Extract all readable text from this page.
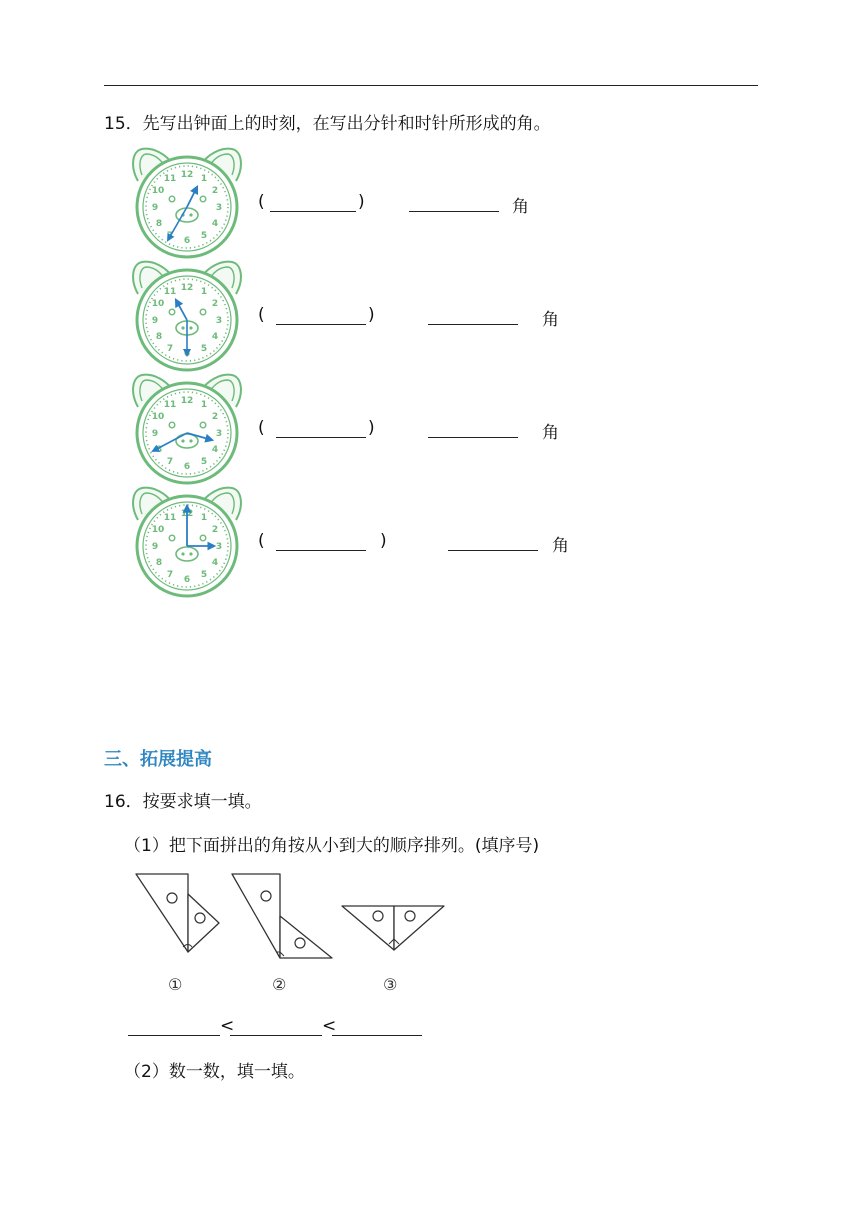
15．先写出钟面上的时刻，在写出分针和时针所形成的角。
(	)	角
(	)	角
(	)	角
(	)	角
三、拓展提高
16．按要求填一填。
（1）把下面拼出的角按从小到大的顺序排列。(填序号)
①	②	③
<	<
（2）数一数，填一填。
